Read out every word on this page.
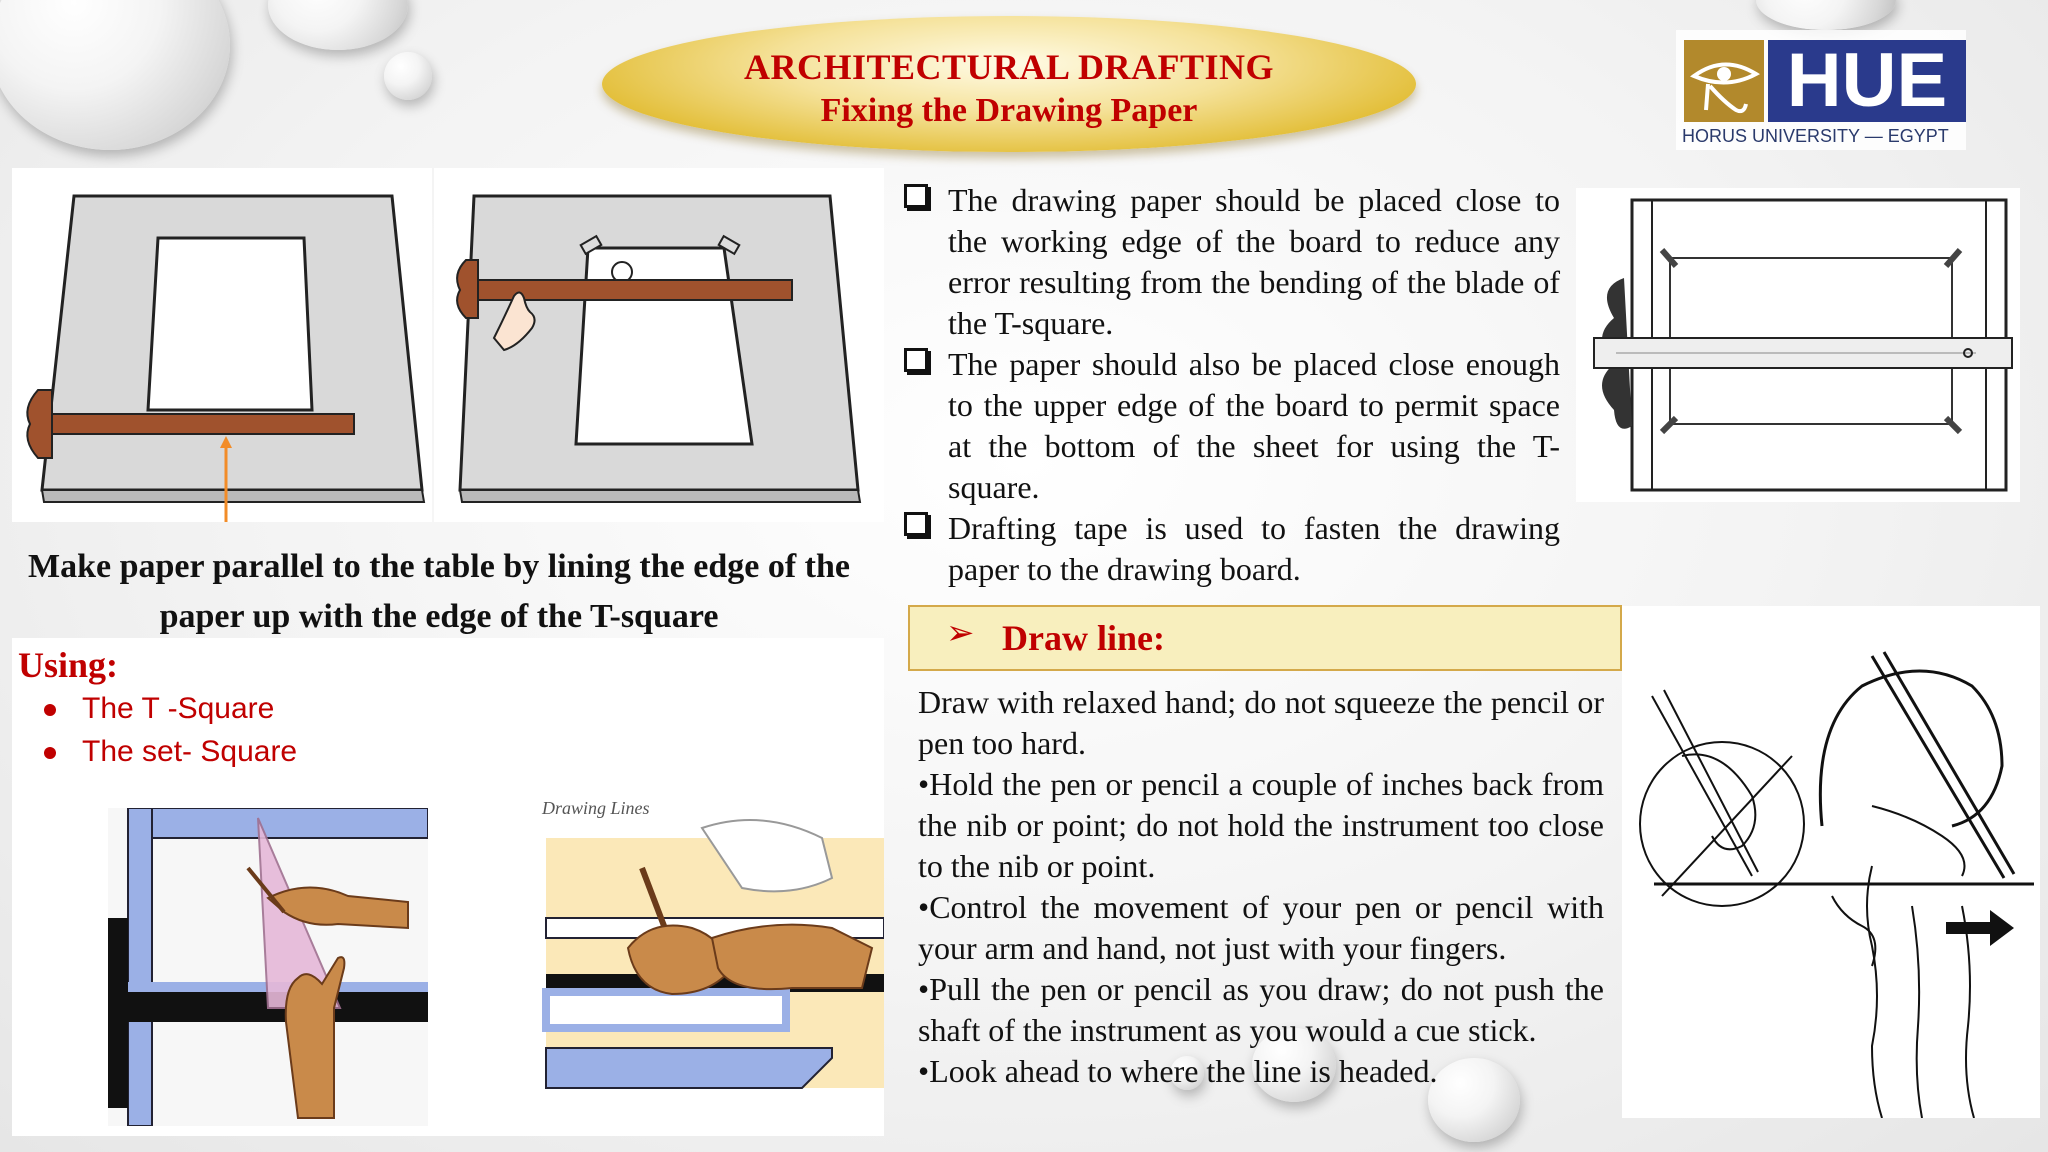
ARCHITECTURAL DRAFTING
Fixing the Drawing Paper	HUE
HORUS UNIVERSITY — EGYPT
The drawing paper should be placed close to the working edge of the board to reduce any error resulting from the bending of the blade of the T-square.
The paper should also be placed close enough to the upper edge of the board to permit space at the bottom of the sheet for using the T-square.
Drafting tape is used to fasten the drawing paper to the drawing board.
Make paper parallel to the table by lining the edge of the paper up with the edge of the T-square
Using:
The T -Square
The set- Square
Drawing Lines
➢ Draw line:

Draw with relaxed hand; do not squeeze the pencil or pen too hard.

•Hold the pen or pencil a couple of inches back from the nib or point; do not hold the instrument too close to the nib or point.

•Control the movement of your pen or pencil with your arm and hand, not just with your fingers.

•Pull the pen or pencil as you draw; do not push the shaft of the instrument as you would a cue stick.

•Look ahead to where the line is headed.
